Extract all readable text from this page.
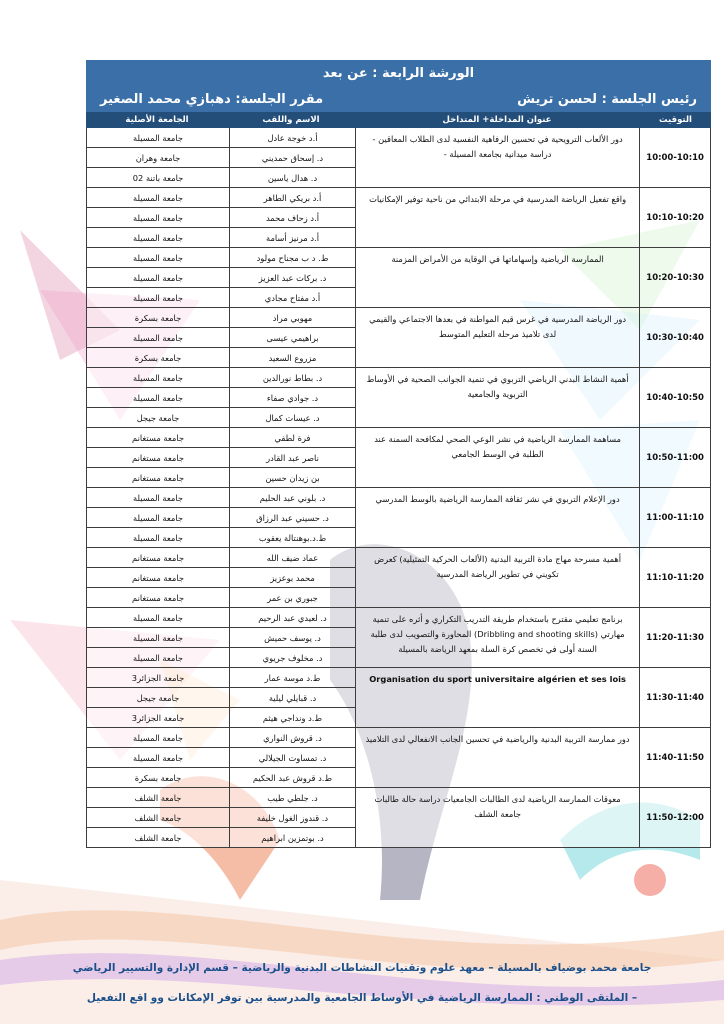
الورشة الرابعة : عن بعد
رئيس الجلسة : لحسن تريش
مقرر الجلسة: دهبازي محمد الصغير
التوقيت
عنوان المداخلة+ المتداخل
الاسم واللقب
الجامعة الأصلية
10:00-10:10
دور الألعاب الترويحية في تحسين الرفاهية النفسية لدى الطلاب المعاقين - دراسة ميدانية بجامعة المسيلة -
أ.د خوجة عادل
جامعة المسيلة
د. إسحاق حمديني
جامعة وهران
د. هدال ياسين
جامعة باتنة 02
10:10-10:20
واقع تفعيل الرياضة المدرسية في مرحلة الابتدائي من ناحية توفير الإمكانيات
أ.د بريكي الطاهر
جامعة المسيلة
أ.د زحاف محمد
جامعة المسيلة
أ.د مرنيز أسامة
جامعة المسيلة
10:20-10:30
الممارسة الرياضية وإسهاماتها في الوقاية من الأمراض المزمنة
ط. د ب مجناح مولود
جامعة المسيلة
د. بركات عبد العزيز
جامعة المسيلة
أ.د مفتاح مجادي
جامعة المسيلة
10:30-10:40
دور الرياضة المدرسية في غرس قيم المواطنة في بعدها الاجتماعي والقيمي لدى تلاميذ مرحلة التعليم المتوسط
مهوبي مراد
جامعة بسكرة
براهيمي عيسى
جامعة المسيلة
مزروع السعيد
جامعة بسكرة
10:40-10:50
أهمية النشاط البدني الرياضي التربوي في تنمية الجوانب الصحية في الأوساط التربوية والجامعية
د. بطاط نورالدين
جامعة المسيلة
د. جوادي صفاء
جامعة المسيلة
د. عيسات كمال
جامعة جيجل
10:50-11:00
مساهمة الممارسة الرياضية في نشر الوعي الصحي لمكافحة السمنة عند الطلبة في الوسط الجامعي
فرة لطفي
جامعة مستغانم
ناصر عبد القادر
جامعة مستغانم
بن زيدان حسين
جامعة مستغانم
11:00-11:10
دور الإعلام التربوي في نشر ثقافة الممارسة الرياضية بالوسط المدرسي
د. بلوني عبد الحليم
جامعة المسيلة
د. حسيني عبد الرزاق
جامعة المسيلة
ط.د.بوهنتالة يعقوب
جامعة المسيلة
11:10-11:20
أهمية مسرحة مهاج مادة التربية البدنية (الألعاب الحركية التمثيلية) كعرض تكويني في تطوير الرياضة المدرسية
عماد ضيف الله
جامعة مستغانم
محمد بوعزيز
جامعة مستغانم
جبوري بن عمر
جامعة مستغانم
11:20-11:30
برنامج تعليمي مقترح باستخدام طريقة التدريب التكراري و أثره على تنمية مهارتي (Dribbling and shooting skills) المحاورة والتصويب لدى طلبة السنة أولى في تخصص كرة السلة بمعهد الرياضة بالمسيلة
د. لعيدي عبد الرحيم
جامعة المسيلة
د. يوسف حميش
جامعة المسيلة
د. مخلوف جريوي
جامعة المسيلة
11:30-11:40
Organisation du sport universitaire algérien et ses lois
ط.د موسة عمار
جامعة الجزائر3
د. قبايلي ليلية
جامعة جيجل
ط.د ونداجي هيثم
جامعة الجزائر3
11:40-11:50
دور ممارسة التربية البدنية والرياضية في تحسين الجانب الانفعالي لدى التلاميذ
د. قروش النواري
جامعة المسيلة
د. تمساوت الجيلالي
جامعة المسيلة
ط.د قروش عبد الحكيم
جامعة بسكرة
11:50-12:00
معوقات الممارسة الرياضية لدى الطالبات الجامعيات دراسة حالة طالبات جامعة الشلف
د. جلطي طيب
جامعة الشلف
د. قندوز الغول خليفة
جامعة الشلف
د. بوتمزين ابراهيم
جامعة الشلف
جامعة محمد بوضياف بالمسيلة – معهد علوم وتقنيات النشاطات البدنية والرياضية – قسم الإدارة والتسيير الرياضي
– الملتقى الوطني : الممارسة الرياضية في الأوساط الجامعية والمدرسية بين توفر الإمكانات وو اقع التفعيل
